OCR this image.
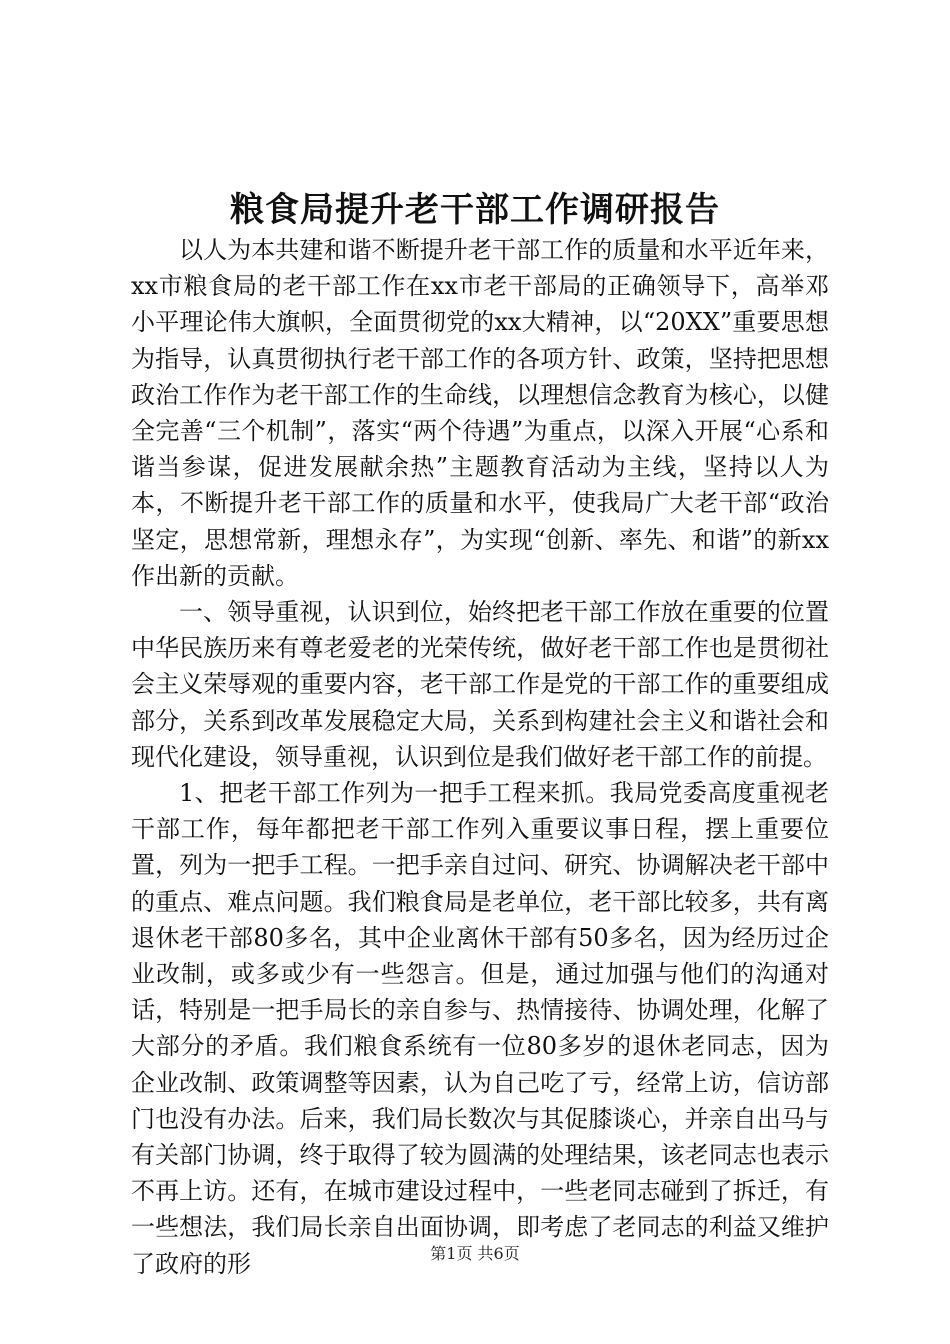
粮食局提升老干部工作调研报告

以人为本共建和谐不断提升老干部工作的质量和水平近年来，xx市粮食局的老干部工作在xx市老干部局的正确领导下，高举邓小平理论伟大旗帜，全面贯彻党的xx大精神，以“20XX”重要思想为指导，认真贯彻执行老干部工作的各项方针、政策，坚持把思想政治工作作为老干部工作的生命线，以理想信念教育为核心，以健全完善“三个机制”，落实“两个待遇”为重点，以深入开展“心系和谐当参谋，促进发展献余热”主题教育活动为主线，坚持以人为本，不断提升老干部工作的质量和水平，使我局广大老干部“政治坚定，思想常新，理想永存”，为实现“创新、率先、和谐”的新xx作出新的贡献。

一、领导重视，认识到位，始终把老干部工作放在重要的位置中华民族历来有尊老爱老的光荣传统，做好老干部工作也是贯彻社会主义荣辱观的重要内容，老干部工作是党的干部工作的重要组成部分，关系到改革发展稳定大局，关系到构建社会主义和谐社会和现代化建设，领导重视，认识到位是我们做好老干部工作的前提。

1、把老干部工作列为一把手工程来抓。我局党委高度重视老干部工作，每年都把老干部工作列入重要议事日程，摆上重要位置，列为一把手工程。一把手亲自过问、研究、协调解决老干部中的重点、难点问题。我们粮食局是老单位，老干部比较多，共有离退休老干部80多名，其中企业离休干部有50多名，因为经历过企业改制，或多或少有一些怨言。但是，通过加强与他们的沟通对话，特别是一把手局长的亲自参与、热情接待、协调处理，化解了大部分的矛盾。我们粮食系统有一位80多岁的退休老同志，因为企业改制、政策调整等因素，认为自己吃了亏，经常上访，信访部门也没有办法。后来，我们局长数次与其促膝谈心，并亲自出马与有关部门协调，终于取得了较为圆满的处理结果，该老同志也表示不再上访。还有，在城市建设过程中，一些老同志碰到了拆迁，有一些想法，我们局长亲自出面协调，即考虑了老同志的利益又维护了政府的形	第1页 共6页
